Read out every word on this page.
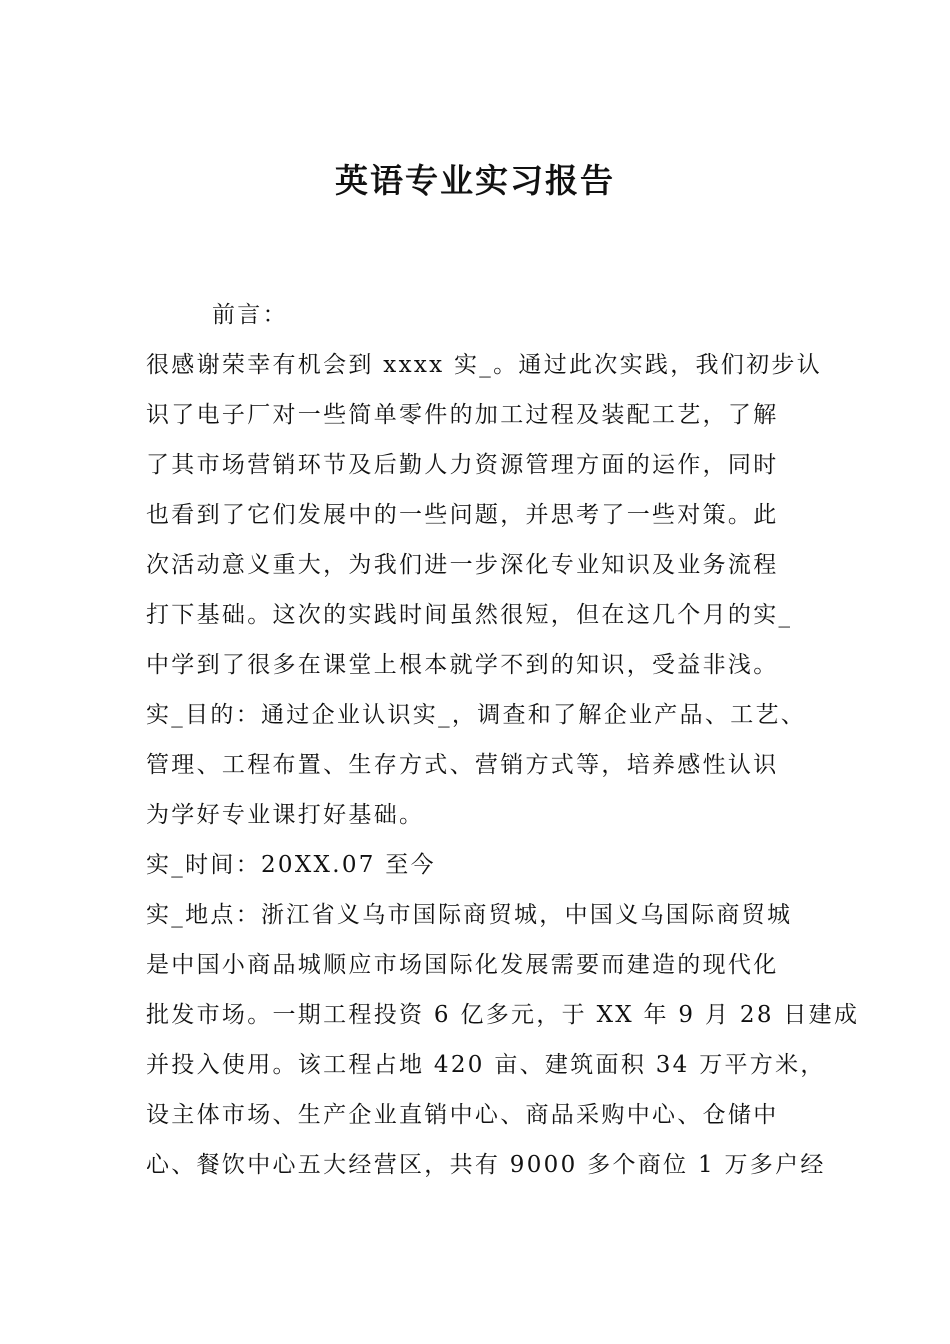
英语专业实习报告
前言：
很感谢荣幸有机会到 xxxx 实_。通过此次实践，我们初步认
识了电子厂对一些简单零件的加工过程及装配工艺，了解
了其市场营销环节及后勤人力资源管理方面的运作，同时
也看到了它们发展中的一些问题，并思考了一些对策。此
次活动意义重大，为我们进一步深化专业知识及业务流程
打下基础。这次的实践时间虽然很短，但在这几个月的实_
中学到了很多在课堂上根本就学不到的知识，受益非浅。
实_目的：通过企业认识实_，调查和了解企业产品、工艺、
管理、工程布置、生存方式、营销方式等，培养感性认识
为学好专业课打好基础。
实_时间：20XX.07 至今
实_地点：浙江省义乌市国际商贸城，中国义乌国际商贸城
是中国小商品城顺应市场国际化发展需要而建造的现代化
批发市场。一期工程投资 6 亿多元，于 XX 年 9 月 28 日建成
并投入使用。该工程占地 420 亩、建筑面积 34 万平方米，
设主体市场、生产企业直销中心、商品采购中心、仓储中
心、餐饮中心五大经营区，共有 9000 多个商位 1 万多户经
